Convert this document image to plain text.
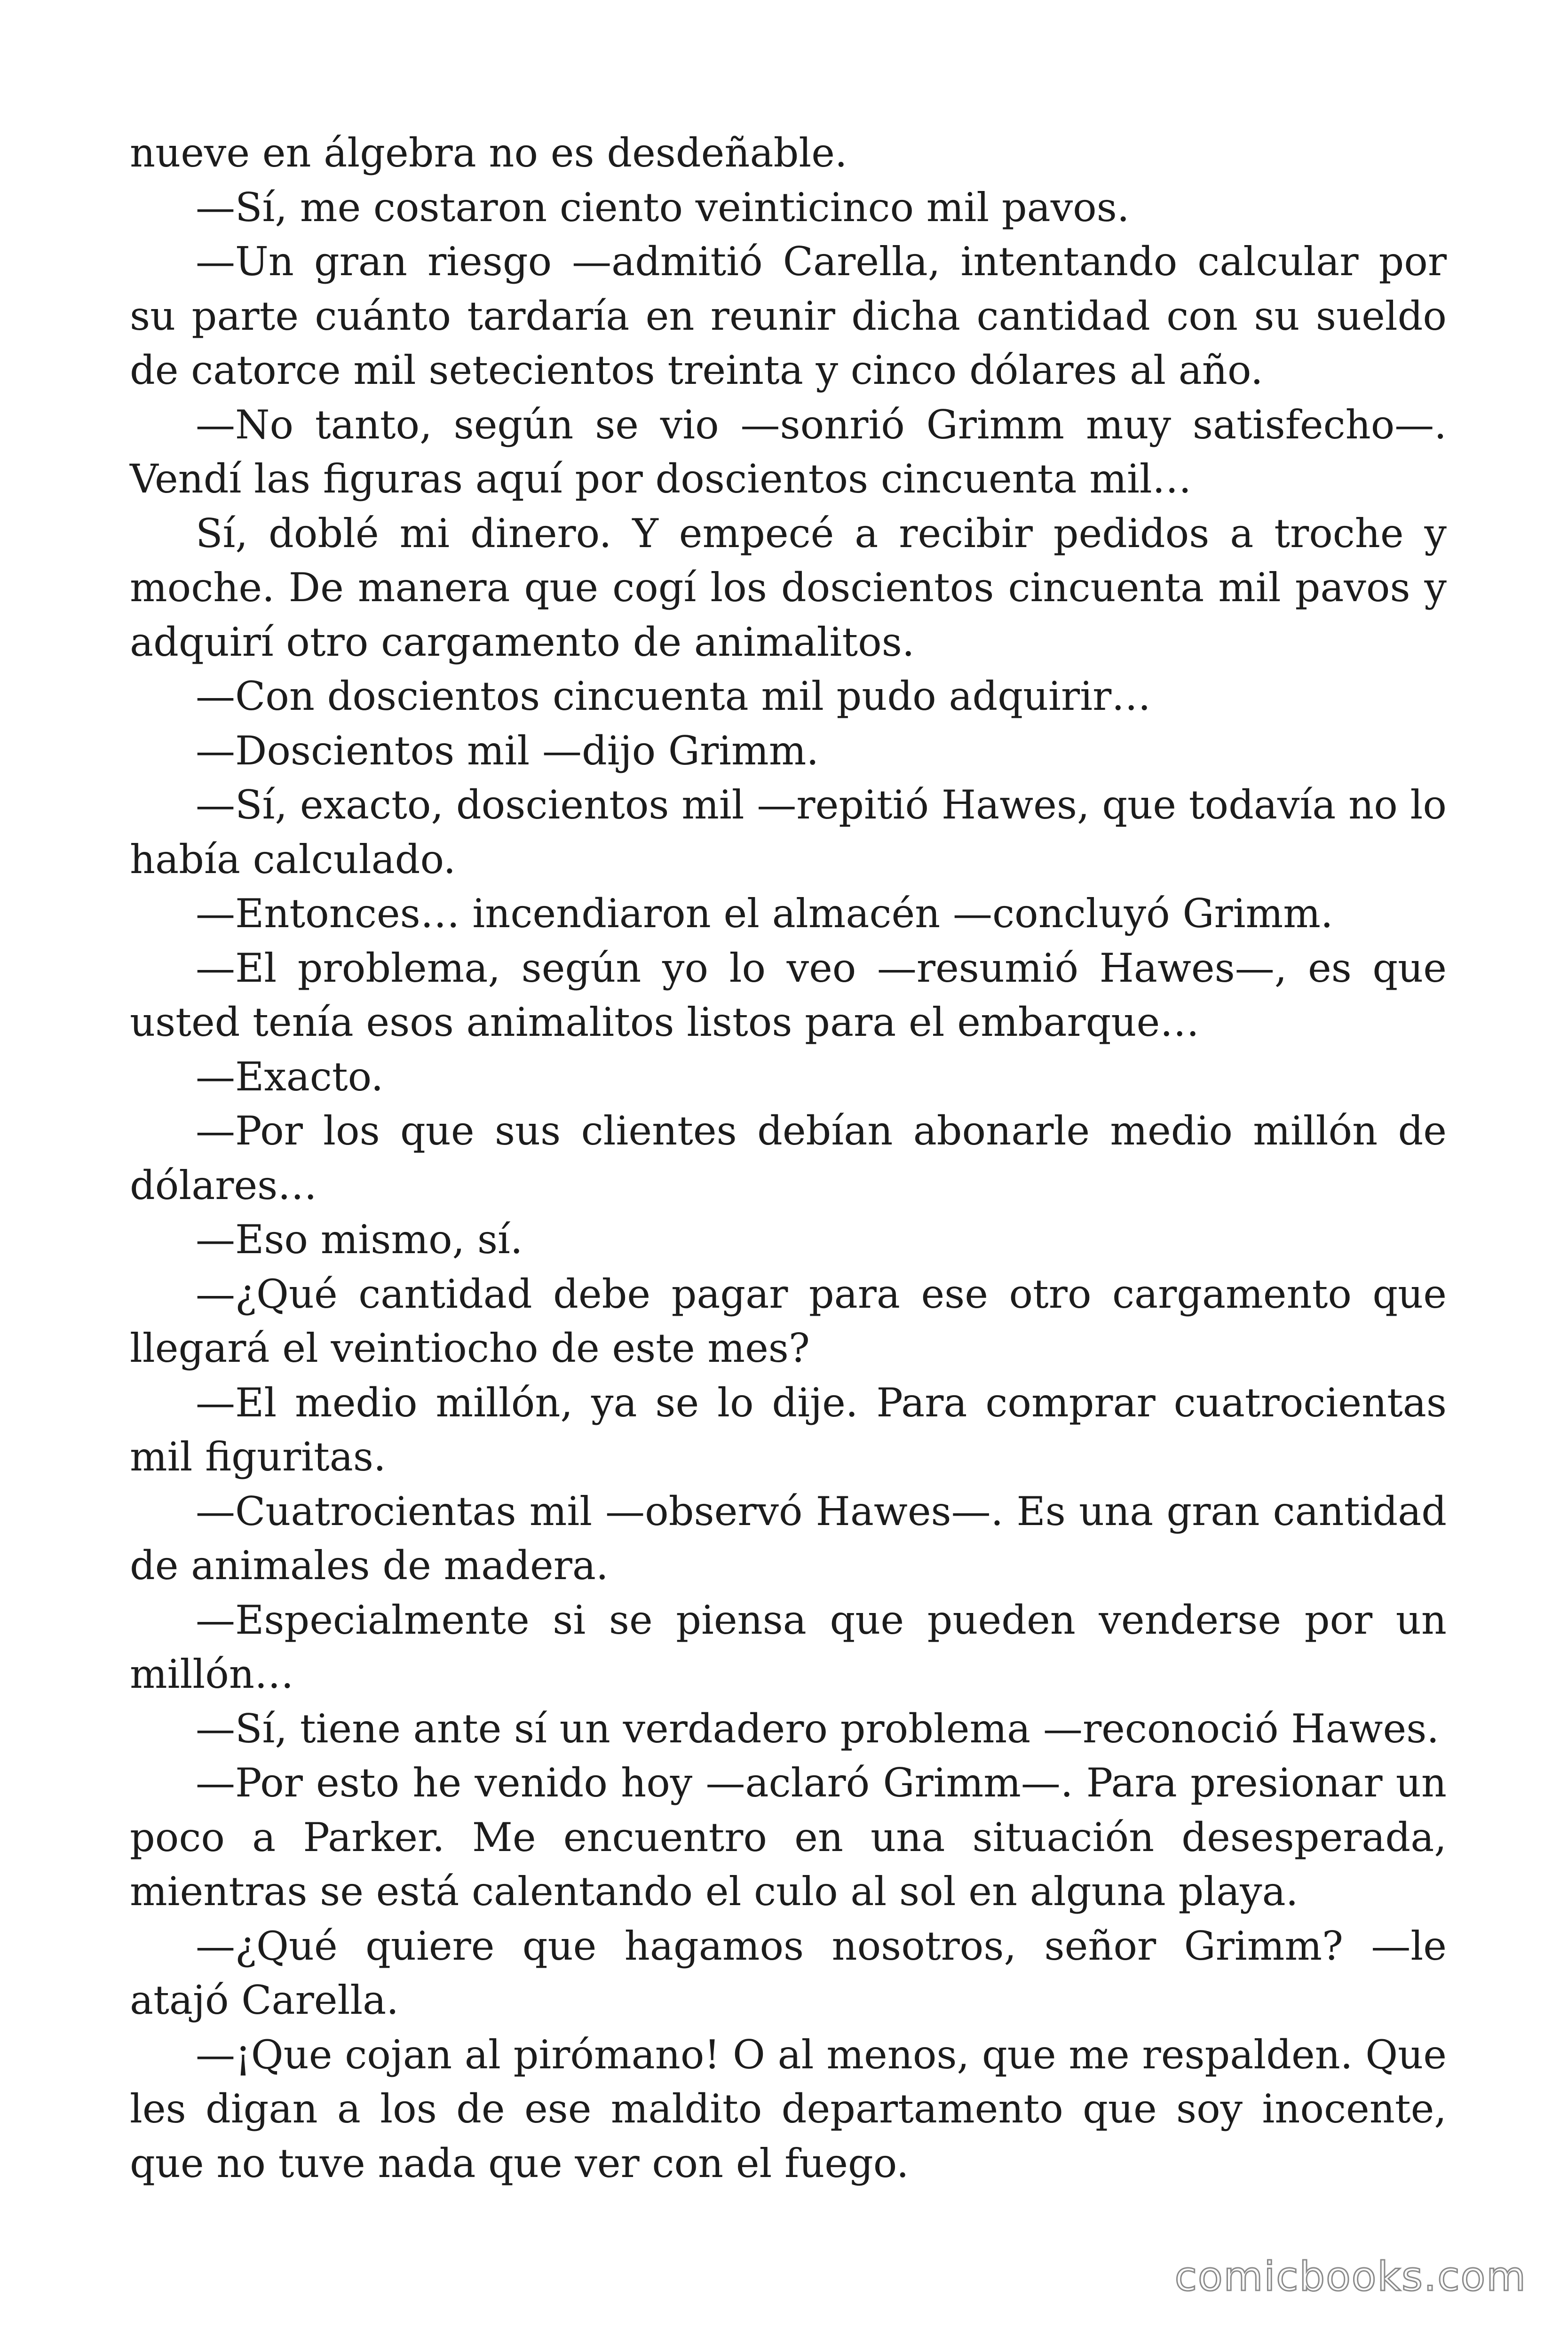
nueve en álgebra no es desdeñable.

—Sí, me costaron ciento veinticinco mil pavos.

—Un gran riesgo —admitió Carella, intentando calcular por su parte cuánto tardaría en reunir dicha cantidad con su sueldo de catorce mil setecientos treinta y cinco dólares al año.

—No tanto, según se vio —sonrió Grimm muy satisfecho—. Vendí las figuras aquí por doscientos cincuenta mil…

Sí, doblé mi dinero. Y empecé a recibir pedidos a troche y moche. De manera que cogí los doscientos cincuenta mil pavos y adquirí otro cargamento de animalitos.

—Con doscientos cincuenta mil pudo adquirir…

—Doscientos mil —dijo Grimm.

—Sí, exacto, doscientos mil —repitió Hawes, que todavía no lo había calculado.

—Entonces… incendiaron el almacén —concluyó Grimm.

—El problema, según yo lo veo —resumió Hawes—, es que usted tenía esos animalitos listos para el embarque…

—Exacto.

—Por los que sus clientes debían abonarle medio millón de dólares…

—Eso mismo, sí.

—¿Qué cantidad debe pagar para ese otro cargamento que llegará el veintiocho de este mes?

—El medio millón, ya se lo dije. Para comprar cuatrocientas mil figuritas.

—Cuatrocientas mil —observó Hawes—. Es una gran cantidad de animales de madera.

—Especialmente si se piensa que pueden venderse por un millón…

—Sí, tiene ante sí un verdadero problema —reconoció Hawes.

—Por esto he venido hoy —aclaró Grimm—. Para presionar un poco a Parker. Me encuentro en una situación desesperada, mientras se está calentando el culo al sol en alguna playa.

—¿Qué quiere que hagamos nosotros, señor Grimm? —le atajó Carella.

—¡Que cojan al pirómano! O al menos, que me respalden. Que les digan a los de ese maldito departamento que soy inocente, que no tuve nada que ver con el fuego.

comicbooks.com
